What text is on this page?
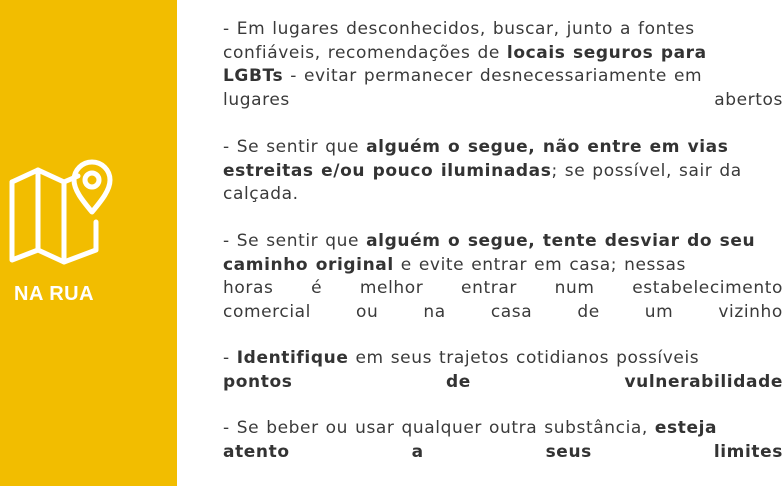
NA RUA
- Em lugares desconhecidos, buscar, junto a fontes
confiáveis, recomendações de locais seguros para
LGBTs - evitar permanecer desnecessariamente em
lugares	abertos
- Se sentir que alguém o segue, não entre em vias
estreitas e/ou pouco iluminadas; se possível, sair da
calçada.
- Se sentir que alguém o segue, tente desviar do seu
caminho original e evite entrar em casa; nessas
horas é melhor entrar num estabelecimento
comercial	ou	na	casa	de	um	vizinho
- Identifique em seus trajetos cotidianos possíveis
pontos	de	vulnerabilidade
- Se beber ou usar qualquer outra substância, esteja
atento	a	seus	limites
